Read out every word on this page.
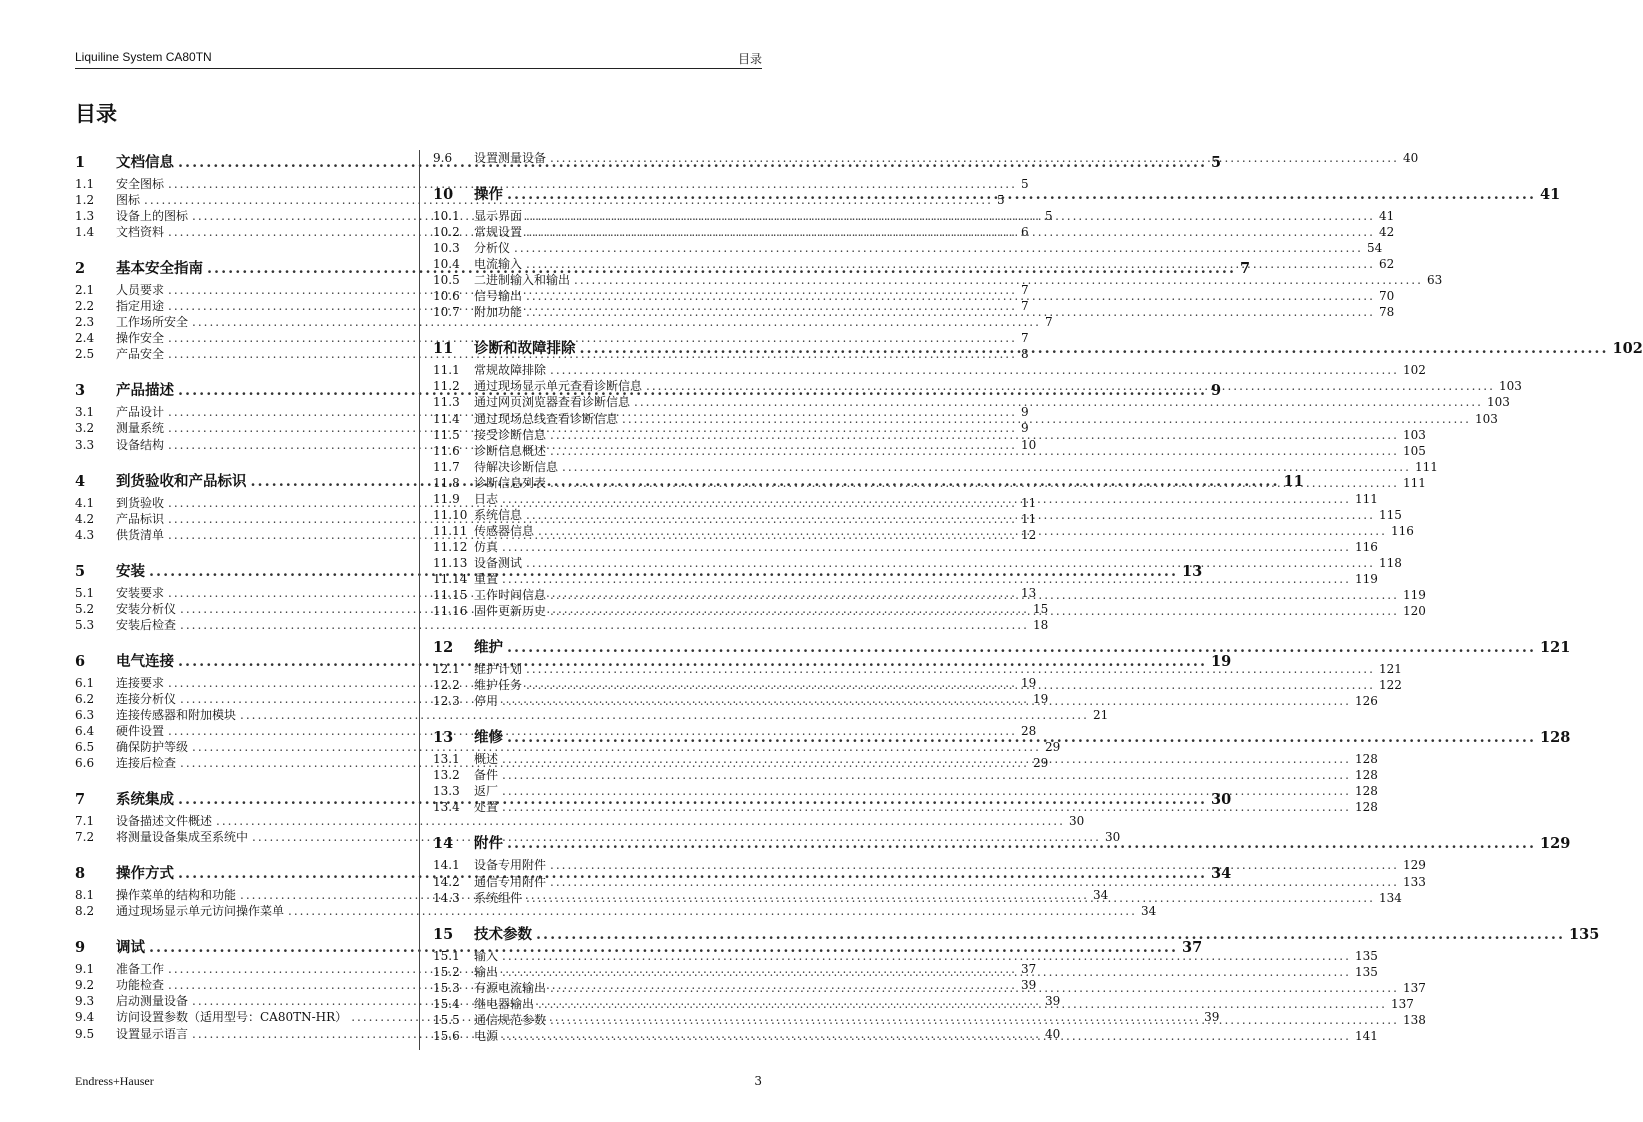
Liquiline System CA80TN	目录
目录
1	文档信息 .....	5
1.1	安全图标 .....	5
1.2	图标 .....	5
1.3	设备上的图标 .....	5
1.4	文档资料 .....	6
2	基本安全指南 .....	7
2.1	人员要求 .....	7
2.2	指定用途 .....	7
2.3	工作场所安全 .....	7
2.4	操作安全 .....	7
2.5	产品安全 .....	8
3	产品描述 .....	9
3.1	产品设计 .....	9
3.2	测量系统 .....	9
3.3	设备结构 .....	10
4	到货验收和产品标识 .....	11
4.1	到货验收 .....	11
4.2	产品标识 .....	11
4.3	供货清单 .....	12
5	安装 .....	13
5.1	安装要求 .....	13
5.2	安装分析仪 .....	15
5.3	安装后检查 .....	18
6	电气连接 .....	19
6.1	连接要求 .....	19
6.2	连接分析仪 .....	19
6.3	连接传感器和附加模块 .....	21
6.4	硬件设置 .....	28
6.5	确保防护等级 .....	29
6.6	连接后检查 .....	29
7	系统集成 .....	30
7.1	设备描述文件概述 .....	30
7.2	将测量设备集成至系统中 .....	30
8	操作方式 .....	34
8.1	操作菜单的结构和功能 .....	34
8.2	通过现场显示单元访问操作菜单 .....	34
9	调试 .....	37
9.1	准备工作 .....	37
9.2	功能检查 .....	39
9.3	启动测量设备 .....	39
9.4	访问设置参数（适用型号：CA80TN-HR） .....	39
9.5	设置显示语言 .....	40
9.6	设置测量设备 .....	40
10	操作 .....	41
10.1	显示界面 .....	41
10.2	常规设置 .....	42
10.3	分析仪 .....	54
10.4	电流输入 .....	62
10.5	二进制输入和输出 .....	63
10.6	信号输出 .....	70
10.7	附加功能 .....	78
11	诊断和故障排除 .....	102
11.1	常规故障排除 .....	102
11.2	通过现场显示单元查看诊断信息 .....	103
11.3	通过网页浏览器查看诊断信息 .....	103
11.4	通过现场总线查看诊断信息 .....	103
11.5	接受诊断信息 .....	103
11.6	诊断信息概述 .....	105
11.7	待解决诊断信息 .....	111
11.8	诊断信息列表 .....	111
11.9	日志 .....	111
11.10 系统信息 .....	115
11.11 传感器信息 .....	116
11.12 仿真 .....	116
11.13 设备测试 .....	118
11.14 重置 .....	119
11.15 工作时间信息 .....	119
11.16 固件更新历史 .....	120
12	维护 .....	121
12.1	维护计划 .....	121
12.2	维护任务 .....	122
12.3	停用 .....	126
13	维修 .....	128
13.1	概述 .....	128
13.2	备件 .....	128
13.3	返厂 .....	128
13.4	处置 .....	128
14	附件 .....	129
14.1	设备专用附件 .....	129
14.2	通信专用附件 .....	133
14.3	系统组件 .....	134
15	技术参数 .....	135
15.1	输入 .....	135
15.2	输出 .....	135
15.3	有源电流输出 .....	137
15.4	继电器输出 .....	137
15.5	通信规范参数 .....	138
15.6	电源 .....	141
Endress+Hauser	3
